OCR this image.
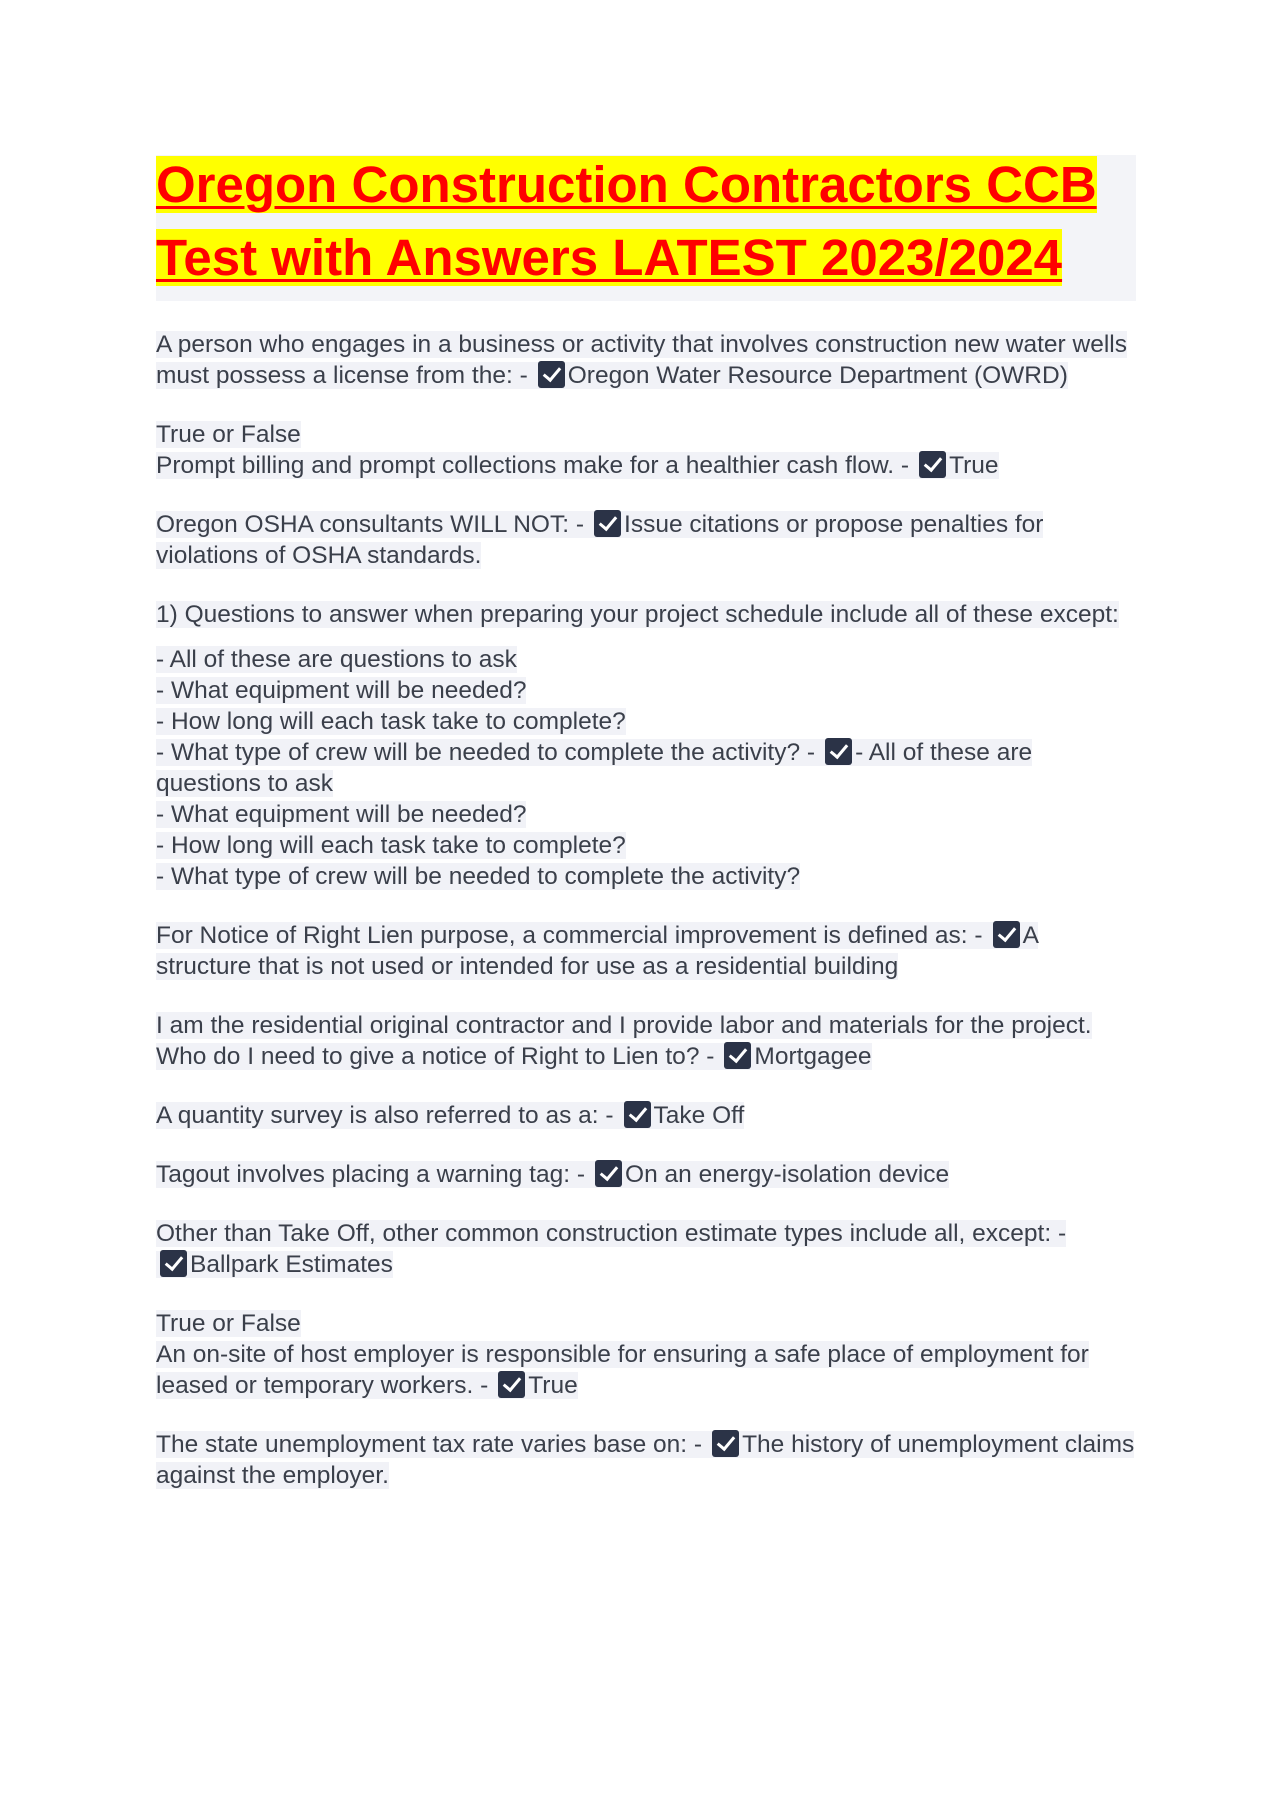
Oregon Construction Contractors CCB
Test with Answers LATEST 2023/2024
A person who engages in a business or activity that involves construction new water wells must possess a license from the: - Oregon Water Resource Department (OWRD)
True or False
Prompt billing and prompt collections make for a healthier cash flow. - True
Oregon OSHA consultants WILL NOT: - Issue citations or propose penalties for violations of OSHA standards.
1) Questions to answer when preparing your project schedule include all of these except:
- All of these are questions to ask
- What equipment will be needed?
- How long will each task take to complete?
- What type of crew will be needed to complete the activity? - - All of these are questions to ask
- What equipment will be needed?
- How long will each task take to complete?
- What type of crew will be needed to complete the activity?
For Notice of Right Lien purpose, a commercial improvement is defined as: - A structure that is not used or intended for use as a residential building
I am the residential original contractor and I provide labor and materials for the project. Who do I need to give a notice of Right to Lien to? - Mortgagee
A quantity survey is also referred to as a: - Take Off
Tagout involves placing a warning tag: - On an energy-isolation device
Other than Take Off, other common construction estimate types include all, except: -
Ballpark Estimates
True or False
An on-site of host employer is responsible for ensuring a safe place of employment for leased or temporary workers. - True
The state unemployment tax rate varies base on: - The history of unemployment claims against the employer.
